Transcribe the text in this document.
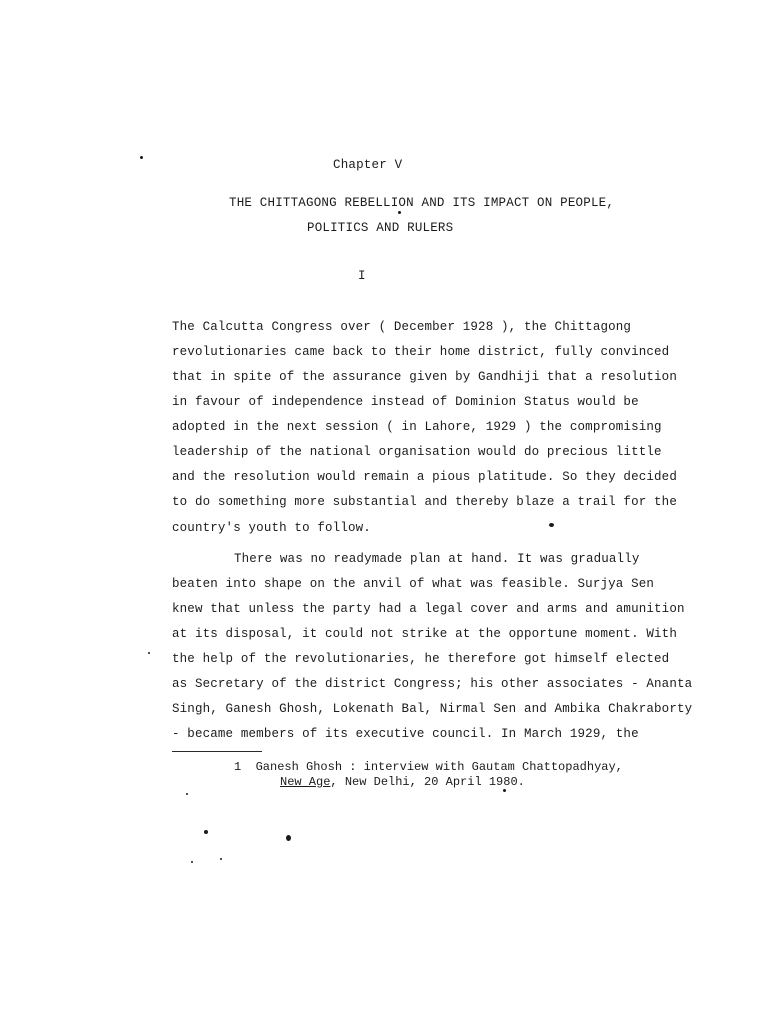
Chapter V
THE CHITTAGONG REBELLION AND ITS IMPACT ON PEOPLE,
POLITICS AND RULERS
I
The Calcutta Congress over ( December 1928 ), the Chittagong
revolutionaries came back to their home district, fully convinced
that in spite of the assurance given by Gandhiji that a resolution
in favour of independence instead of Dominion Status would be
adopted in the next session ( in Lahore, 1929 ) the compromising
leadership of the national organisation would do precious little
and the resolution would remain a pious platitude. So they decided
to do something more substantial and thereby blaze a trail for the
country's youth to follow.
There was no readymade plan at hand. It was gradually
beaten into shape on the anvil of what was feasible. Surjya Sen
knew that unless the party had a legal cover and arms and amunition
at its disposal, it could not strike at the opportune moment. With
the help of the revolutionaries, he therefore got himself elected
as Secretary of the district Congress; his other associates - Ananta
Singh, Ganesh Ghosh, Lokenath Bal, Nirmal Sen and Ambika Chakraborty
- became members of its executive council. In March 1929, the
1 Ganesh Ghosh : interview with Gautam Chattopadhyay,
New Age, New Delhi, 20 April 1980.
